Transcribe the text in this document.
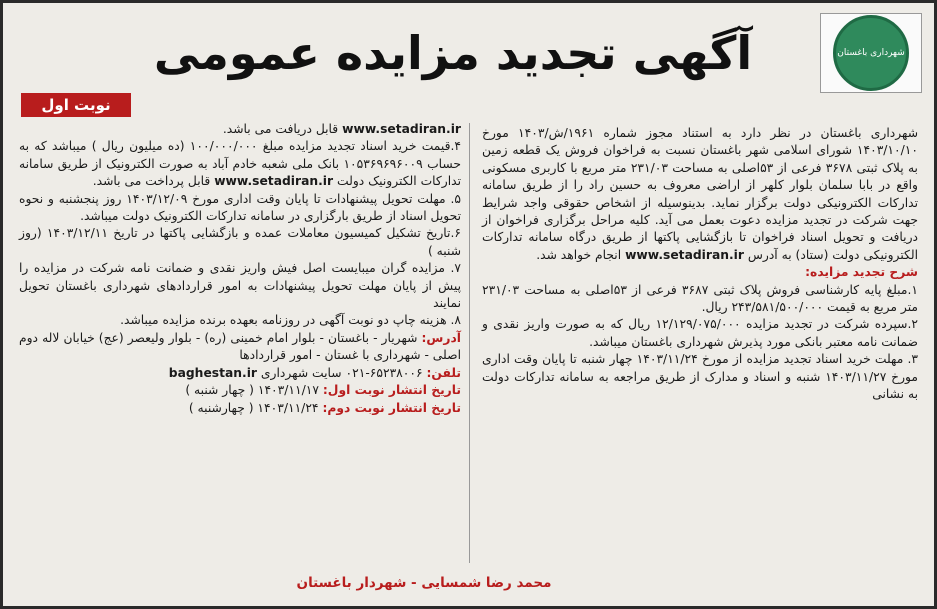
شهرداری باغستان
آگهی تجدید مزایده عمومی
نوبت اول

شهرداری باغستان در نظر دارد به استناد مجوز شماره ۱۹۶۱/ش/۱۴۰۳ مورخ ۱۴۰۳/۱۰/۱۰ شورای اسلامی شهر باغستان نسبت به فراخوان فروش یک قطعه زمین به پلاک ثبتی ۳۶۷۸ فرعی از ۵۳اصلی به مساحت ۲۳۱/۰۳ متر مربع با کاربری مسکونی واقع در بابا سلمان بلوار کلهر از اراضی معروف به حسین راد را از طریق سامانه تدارکات الکترونیکی دولت برگزار نماید. بدینوسیله از اشخاص حقوقی واجد شرایط جهت شرکت در تجدید مزایده دعوت بعمل می آید. کلیه مراحل برگزاری فراخوان از دریافت و تحویل اسناد فراخوان تا بازگشایی پاکتها از طریق درگاه سامانه تدارکات الکترونیکی دولت (ستاد) به آدرس www.setadiran.ir انجام خواهد شد.

شرح تجدید مزایده:

۱.مبلغ پایه کارشناسی فروش پلاک ثبتی ۳۶۸۷ فرعی از ۵۳اصلی به مساحت ۲۳۱/۰۳ متر مربع به قیمت ۲۴۳/۵۸۱/۵۰۰/۰۰۰ ریال.

۲.سپرده شرکت در تجدید مزایده ۱۲/۱۲۹/۰۷۵/۰۰۰ ریال که به صورت واریز نقدی و ضمانت نامه معتبر بانکی مورد پذیرش شهرداری باغستان میباشد.

۳. مهلت خرید اسناد تجدید مزایده از مورخ ۱۴۰۳/۱۱/۲۴ چهار شنبه تا پایان وقت اداری مورخ ۱۴۰۳/۱۱/۲۷ شنبه و اسناد و مدارک از طریق مراجعه به سامانه تدارکات دولت به نشانی

www.setadiran.ir قابل دریافت می باشد.

۴.قیمت خرید اسناد تجدید مزایده مبلغ ۱۰۰/۰۰۰/۰۰۰ (ده میلیون ریال ) میباشد که به حساب ۱۰۵۳۶۹۶۹۶۰۰۹ بانک ملی شعبه خادم آباد به صورت الکترونیک از طریق سامانه تدارکات الکترونیک دولت www.setadiran.ir قابل پرداخت می باشد.

۵. مهلت تحویل پیشنهادات تا پایان وقت اداری مورخ ۱۴۰۳/۱۲/۰۹ روز پنجشنبه و نحوه تحویل اسناد از طریق بارگزاری در سامانه تدارکات الکترونیک دولت میباشد.

۶.تاریخ تشکیل کمیسیون معاملات عمده و بازگشایی پاکتها در تاریخ ۱۴۰۳/۱۲/۱۱ (روز شنبه )

۷. مزایده گران میبایست اصل فیش واریز نقدی و ضمانت نامه شرکت در مزایده را پیش از پایان مهلت تحویل پیشنهادات به امور قراردادهای شهرداری باغستان تحویل نمایند

۸. هزینه چاپ دو نوبت آگهی در روزنامه بعهده برنده مزایده میباشد.

آدرس: شهریار - باغستان - بلوار امام خمینی (ره) - بلوار ولیعصر (عج) خیابان لاله دوم اصلی - شهرداری با غستان - امور قراردادها

تلفن: ۶۵۲۳۸۰۰۶-۰۲۱ سایت شهرداری baghestan.ir

تاریخ انتشار نوبت اول: ۱۴۰۳/۱۱/۱۷ ( چهار شنبه )

تاریخ انتشار نوبت دوم: ۱۴۰۳/۱۱/۲۴ ( چهارشنبه )

محمد رضا شمسایی - شهردار باغستان
